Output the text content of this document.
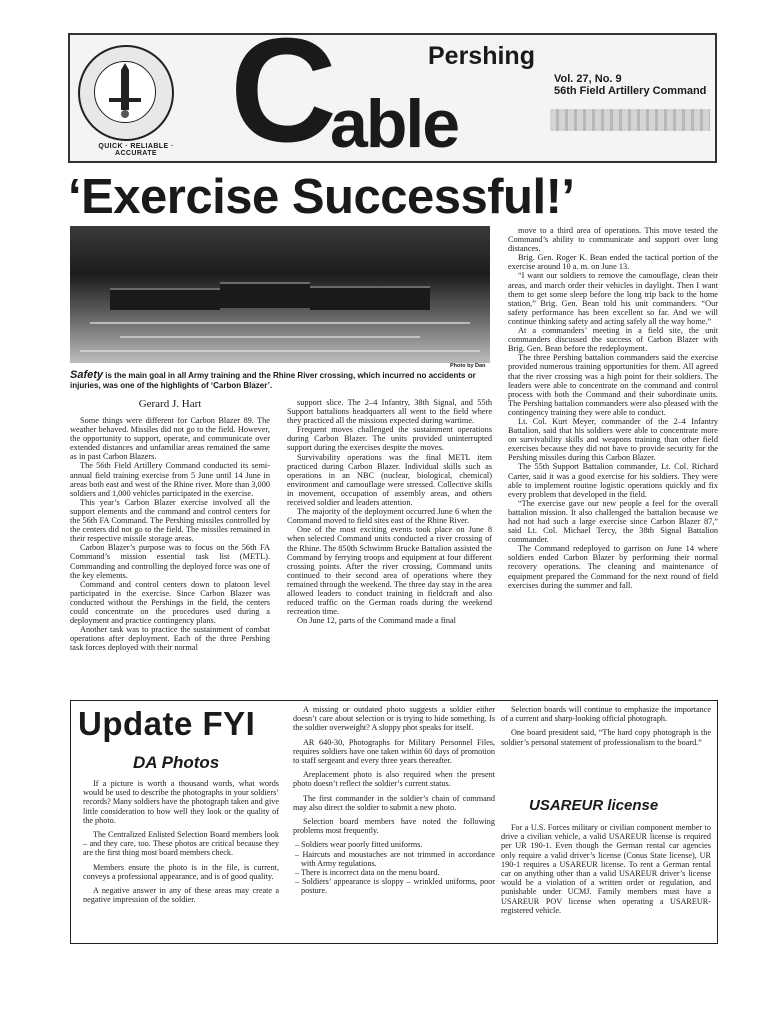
QUICK · RELIABLE · ACCURATE C able
Pershing
Vol. 27, No. 9
56th Field Artillery Command
‘Exercise Successful!’
Photo by Dan
Safety is the main goal in all Army training and the Rhine River crossing, which incurred no accidents or injuries, was one of the highlights of ‘Carbon Blazer’.
Gerard J. Hart

Some things were different for Carbon Blazer 89. The weather behaved. Missiles did not go to the field. However, the opportunity to support, operate, and communicate over extended distances and unfamiliar areas remained the same as in past Carbon Blazers.

The 56th Field Artillery Command conducted its semi-annual field training exercise from 5 June until 14 June in areas both east and west of the Rhine river. More than 3,000 soldiers and 1,000 vehicles participated in the exercise.

This year’s Carbon Blazer exercise involved all the support elements and the command and control centers for the 56th FA Command. The Pershing missiles controlled by the centers did not go to the field. The missiles remained in their respective missile storage areas.

Carbon Blazer’s purpose was to focus on the 56th FA Command’s mission essential task list (METL). Commanding and controlling the deployed force was one of the key elements.

Command and control centers down to platoon level participated in the exercise. Since Carbon Blazer was conducted without the Pershings in the field, the centers could concentrate on the procedures used during a deployment and practice contingency plans.

Another task was to practice the sustainment of combat operations after deployment. Each of the three Pershing task forces deployed with their normal

support slice. The 2–4 Infantry, 38th Signal, and 55th Support battalions headquarters all went to the field where they practiced all the missions expected during wartime.

Frequent moves challenged the sustainment operations during Carbon Blazer. The units provided uninterrupted support during the exercises despite the moves.

Survivability operations was the final METL item practiced during Carbon Blazer. Individual skills such as operations in an NBC (nuclear, biological, chemical) environment and camouflage were stressed. Collective skills in movement, occupation of assembly areas, and others received soldier and leaders attention.

The majority of the deployment occurred June 6 when the Command moved to field sites east of the Rhine River.

One of the most exciting events took place on June 8 when selected Command units conducted a river crossing of the Rhine. The 850th Schwimm Brucke Battalion assisted the Command by ferrying troops and equipment at four different crossing points. After the river crossing, Command units continued to their second area of operations where they remained through the weekend. The three day stay in the area allowed leaders to conduct training in fieldcraft and also reduced traffic on the German roads during the weekend recreation time.

On June 12, parts of the Command made a final

move to a third area of operations. This move tested the Command’s ability to communicate and support over long distances.

Brig. Gen. Roger K. Bean ended the tactical portion of the exercise around 10 a. m. on June 13.

“I want our soldiers to remove the camouflage, clean their areas, and march order their vehicles in daylight. Then I want them to get some sleep before the long trip back to the home station,” Brig. Gen. Bean told his unit commanders. “Our safety performance has been excellent so far. And we will continue thinking safety and acting safely all the way home.”

At a commanders’ meeting in a field site, the unit commanders discussed the success of Carbon Blazer with Brig. Gen. Bean before the redeployment.

The three Pershing battalion commanders said the exercise provided numerous training opportunities for them. All agreed that the river crossing was a high point for their soldiers. The leaders were able to concentrate on the command and control process with both the Command and their subordinate units. The Pershing battalion commanders were also pleased with the contingency training they were able to conduct.

Lt. Col. Kurt Meyer, commander of the 2–4 Infantry Battalion, said that his soldiers were able to concentrate more on survivability skills and weapons training than other field exercises because they did not have to provide security for the Pershing missiles during this Carbon Blazer.

The 55th Support Battalion commander, Lt. Col. Richard Carter, said it was a good exercise for his soldiers. They were able to implement routine logistic operations quickly and fix every problem that developed in the field.

“The exercise gave our new people a feel for the overall battalion mission. It also challenged the battalion because we had not had such a large exercise since Carbon Blazer 87,” said Lt. Col. Michael Tercy, the 38th Signal Battalion commander.

The Command redeployed to garrison on June 14 where soldiers ended Carbon Blazer by performing their normal recovery operations. The cleaning and maintenance of equipment prepared the Command for the next round of field exercises during the summer and fall.

Update FYI
DA Photos

If a picture is worth a thousand words, what words would be used to describe the photographs in your soldiers’ records? Many soldiers have the photograph taken and give little consideration to how well they look or the quality of the photo.

The Centralized Enlisted Selection Board members look – and they care, too. These photos are critical because they are the first thing most board members check.

Members ensure the photo is in the file, is current, conveys a professional appearance, and is of good quality.

A negative answer in any of these areas may create a negative impression of the soldier.

A missing or outdated photo suggests a soldier either doesn’t care about selection or is trying to hide something. Is the soldier overweight? A sloppy phot speaks for itself.

AR 640-30, Photographs for Military Personnel Files, requires soldiers have one taken within 60 days of promotion to staff sergeant and every three years thereafter.

Areplacement photo is also required when the present photo doesn’t reflect the soldier’s current status.

The first commander in the soldier’s chain of command may also direct the soldier to submit a new photo.

Selection board members have noted the following problems most frequently.

– Soldiers wear poorly fitted uniforms.
– Haircuts and moustaches are not trimmed in accordance with Army regulations.
– There is incorrect data on the menu board.
– Soldiers’ appearance is sloppy – wrinkled uniforms, poor posture.

Selection boards will continue to emphasize the importance of a current and sharp-looking official photograph.

One board president said, “The hard copy photograph is the soldier’s personal statement of professionalism to the board.”

USAREUR license

For a U.S. Forces military or civilian component member to drive a civilian vehicle, a valid USAREUR license is required per UR 190-1. Even though the German rental car agencies only require a valid driver’s license (Conus State license), UR 190-1 requires a USAREUR license. To rent a German rental car on anything other than a valid USAREUR driver’s license would be a violation of a written order or regulation, and punishable under UCMJ. Family members must have a USAREUR POV license when operating a USAREUR-registered vehicle.
